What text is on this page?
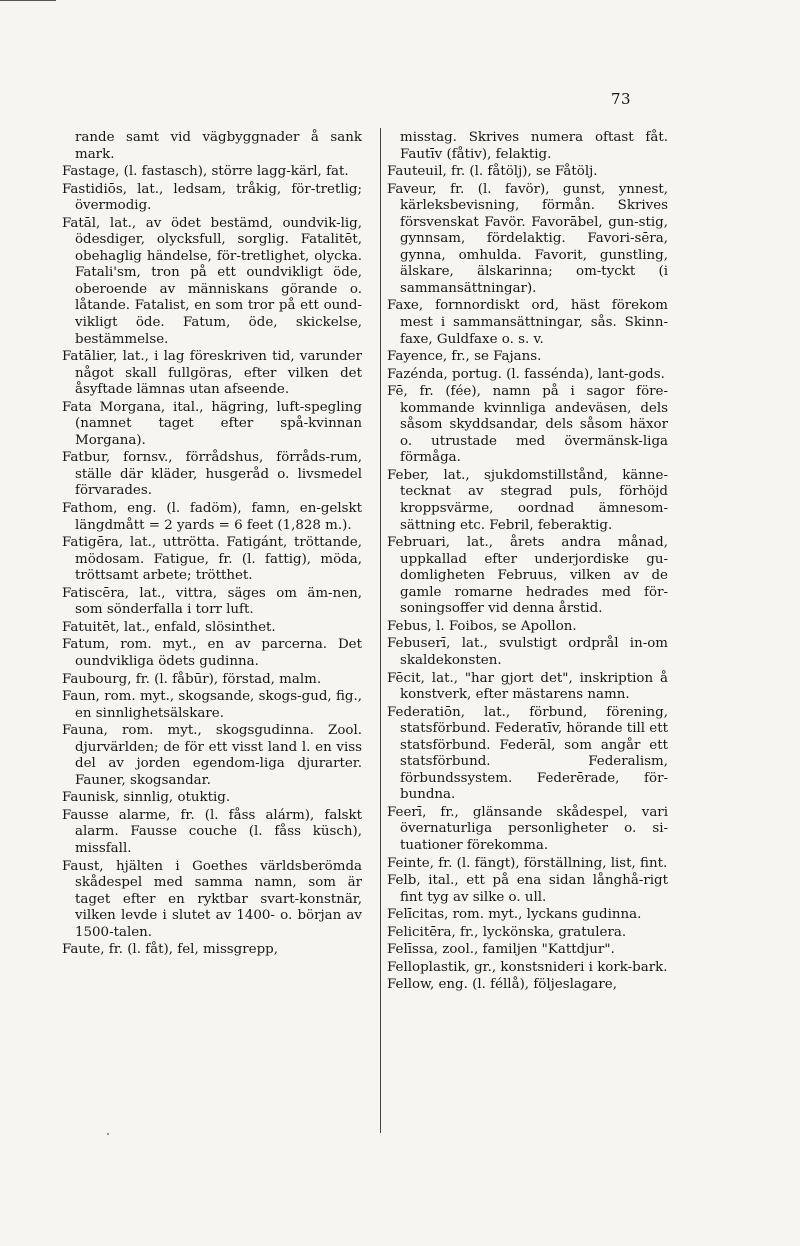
73

rande samt vid vägbyggnader å sank mark.

Fastage, (l. fastasch), större lagg-kärl, fat.

Fastidiōs, lat., ledsam, tråkig, för-tretlig; övermodig.

Fatāl, lat., av ödet bestämd, oundvik-lig, ödesdiger, olycksfull, sorglig. Fatalitēt, obehaglig händelse, för-tretlighet, olycka. Fatali'sm, tron på ett oundvikligt öde, oberoende av människans görande o. låtande. Fatalist, en som tror på ett ound-vikligt öde. Fatum, öde, skickelse, bestämmelse.

Fatālier, lat., i lag föreskriven tid, varunder något skall fullgöras, efter vilken det åsyftade lämnas utan afseende.

Fata Morgana, ital., hägring, luft-spegling (namnet taget efter spå-kvinnan Morgana).

Fatbur, fornsv., förrådshus, förråds-rum, ställe där kläder, husgeråd o. livsmedel förvarades.

Fathom, eng. (l. fadöm), famn, en-gelskt längdmått = 2 yards = 6 feet (1,828 m.).

Fatigēra, lat., uttrötta. Fatigánt, tröttande, mödosam. Fatigue, fr. (l. fattig), möda, tröttsamt arbete; trötthet.

Fatiscēra, lat., vittra, säges om äm-nen, som sönderfalla i torr luft.

Fatuitēt, lat., enfald, slösinthet.

Fatum, rom. myt., en av parcerna. Det oundvikliga ödets gudinna.

Faubourg, fr. (l. fåbūr), förstad, malm.

Faun, rom. myt., skogsande, skogs-gud, fig., en sinnlighetsälskare.

Fauna, rom. myt., skogsgudinna. Zool. djurvärlden; de för ett visst land l. en viss del av jorden egendom-liga djurarter. Fauner, skogsandar.

Faunisk, sinnlig, otuktig.

Fausse alarme, fr. (l. fåss alárm), falskt alarm. Fausse couche (l. fåss küsch), missfall.

Faust, hjälten i Goethes världsberömda skådespel med samma namn, som är taget efter en ryktbar svart-konstnär, vilken levde i slutet av 1400- o. början av 1500-talen.

Faute, fr. (l. fåt), fel, missgrepp,

misstag. Skrives numera oftast fåt. Fautīv (fåtiv), felaktig.

Fauteuil, fr. (l. fåtölj), se Fåtölj.

Faveur, fr. (l. favör), gunst, ynnest, kärleksbevisning, förmån. Skrives försvenskat Favör. Favorābel, gun-stig, gynnsam, fördelaktig. Favori-sēra, gynna, omhulda. Favorit, gunstling, älskare, älskarinna; om-tyckt (i sammansättningar).

Faxe, fornnordiskt ord, häst förekom mest i sammansättningar, sås. Skinn-faxe, Guldfaxe o. s. v.

Fayence, fr., se Fajans.

Fazénda, portug. (l. fasséndа), lant-gods.

Fē, fr. (fée), namn på i sagor före-kommande kvinnliga andeväsen, dels såsom skyddsandar, dels såsom häxor o. utrustade med övermänsk-liga förmåga.

Feber, lat., sjukdomstillstånd, känne-tecknat av stegrad puls, förhöjd kroppsvärme, oordnad ämnesom-sättning etc. Febril, feberaktig.

Februari, lat., årets andra månad, uppkallad efter underjordiske gu-domligheten Februus, vilken av de gamle romarne hedrades med för-soningsoffer vid denna årstid.

Febus, l. Foibos, se Apollon.

Febuserī, lat., svulstigt ordprål in-om skaldekonsten.

Fēcit, lat., "har gjort det", inskription å konstverk, efter mästarens namn.

Federatiōn, lat., förbund, förening, statsförbund. Federatīv, hörande till ett statsförbund. Federāl, som angår ett statsförbund. Federalism, förbundssystem. Federērade, för-bundna.

Feerī, fr., glänsande skådespel, vari övernaturliga personligheter o. si-tuationer förekomma.

Feinte, fr. (l. fängt), förställning, list, fint.

Felb, ital., ett på ena sidan långhå-rigt fint tyg av silke o. ull.

Felīcitas, rom. myt., lyckans gudinna.

Felicitēra, fr., lyckönska, gratulera.

Felīssa, zool., familjen "Kattdjur".

Felloplastik, gr., konstsnideri i kork-bark.

Fellow, eng. (l. féllå), följeslagare,
